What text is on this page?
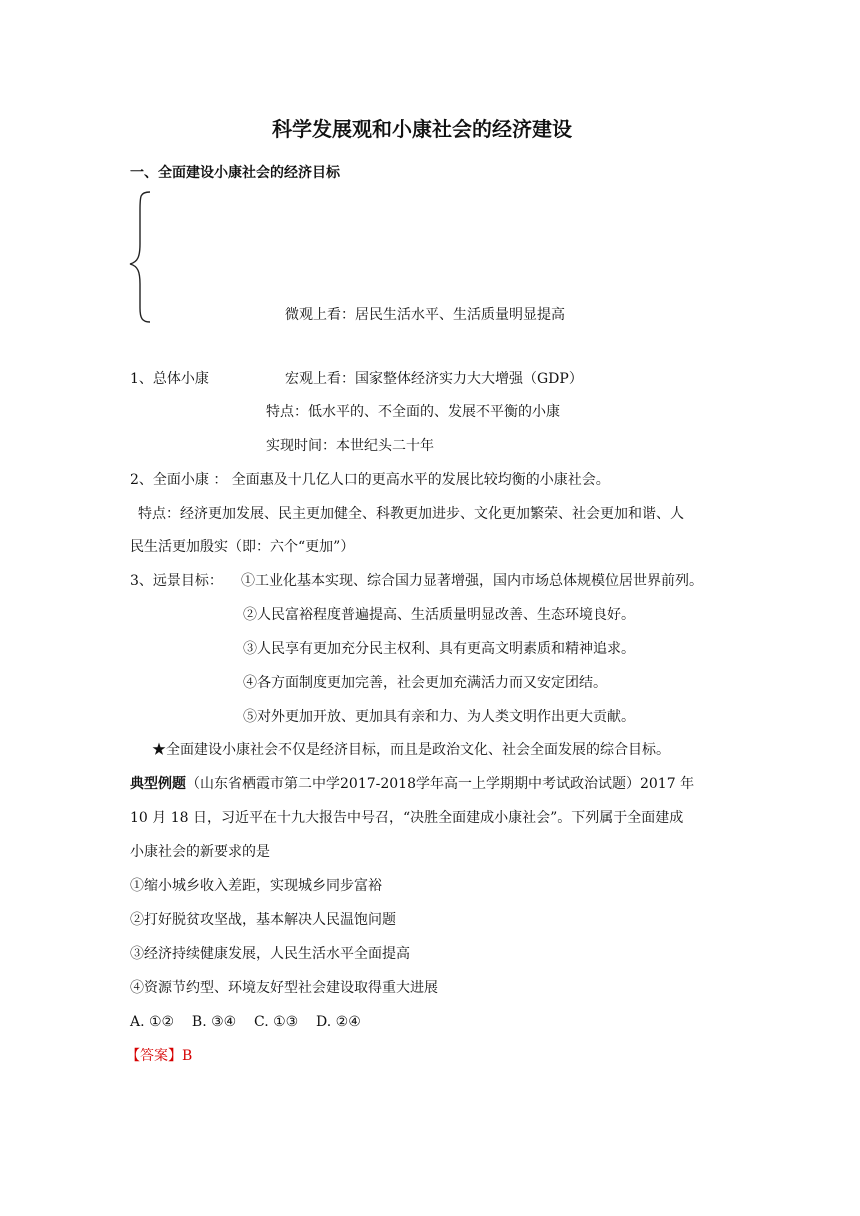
科学发展观和小康社会的经济建设
一、全面建设小康社会的经济目标
微观上看：居民生活水平、生活质量明显提高
1、总体小康	宏观上看：国家整体经济实力大大增强（GDP）
特点：低水平的、不全面的、发展不平衡的小康
实现时间：本世纪头二十年
2、全面小康 ： 全面惠及十几亿人口的更高水平的发展比较均衡的小康社会。
特点：经济更加发展、民主更加健全、科教更加进步、文化更加繁荣、社会更加和谐、人
民生活更加殷实（即：六个“更加”）
3、远景目标： ①工业化基本实现、综合国力显著增强，国内市场总体规模位居世界前列。
②人民富裕程度普遍提高、生活质量明显改善、生态环境良好。
③人民享有更加充分民主权利、具有更高文明素质和精神追求。
④各方面制度更加完善，社会更加充满活力而又安定团结。
⑤对外更加开放、更加具有亲和力、为人类文明作出更大贡献。
★全面建设小康社会不仅是经济目标，而且是政治文化、社会全面发展的综合目标。
典型例题（山东省栖霞市第二中学2017-2018学年高一上学期期中考试政治试题）2017 年
10 月 18 日，习近平在十九大报告中号召，“决胜全面建成小康社会”。下列属于全面建成
小康社会的新要求的是
①缩小城乡收入差距，实现城乡同步富裕
②打好脱贫攻坚战，基本解决人民温饱问题
③经济持续健康发展，人民生活水平全面提高
④资源节约型、环境友好型社会建设取得重大进展
A. ①②    B. ③④    C. ①③    D. ②④
【答案】B
